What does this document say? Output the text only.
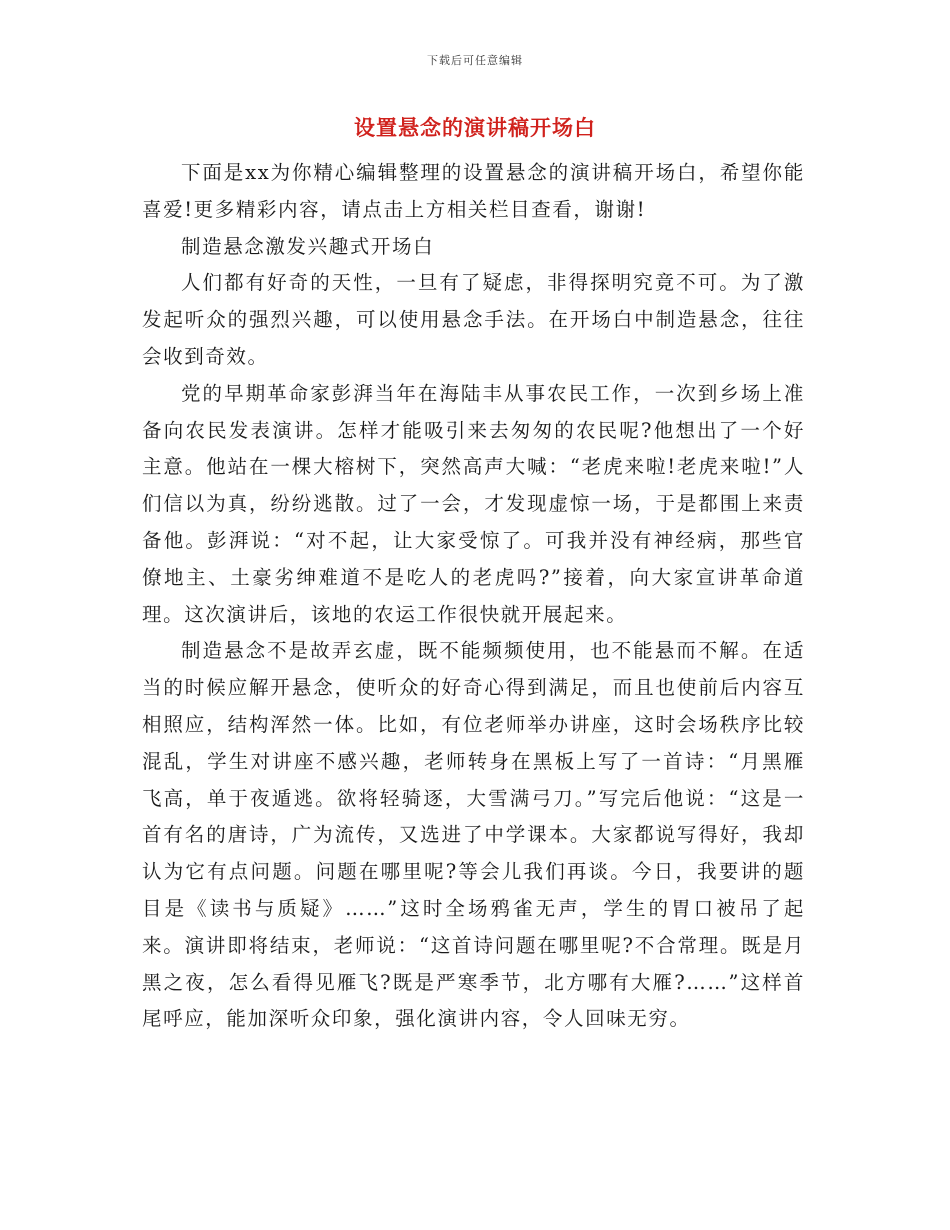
下载后可任意编辑
设置悬念的演讲稿开场白

下面是xx为你精心编辑整理的设置悬念的演讲稿开场白，希望你能喜爱!更多精彩内容，请点击上方相关栏目查看，谢谢!

制造悬念激发兴趣式开场白

人们都有好奇的天性，一旦有了疑虑，非得探明究竟不可。为了激发起听众的强烈兴趣，可以使用悬念手法。在开场白中制造悬念，往往会收到奇效。

党的早期革命家彭湃当年在海陆丰从事农民工作，一次到乡场上准备向农民发表演讲。怎样才能吸引来去匆匆的农民呢?他想出了一个好主意。他站在一棵大榕树下，突然高声大喊：“老虎来啦!老虎来啦!”人们信以为真，纷纷逃散。过了一会，才发现虚惊一场，于是都围上来责备他。彭湃说：“对不起，让大家受惊了。可我并没有神经病，那些官僚地主、土豪劣绅难道不是吃人的老虎吗?”接着，向大家宣讲革命道理。这次演讲后，该地的农运工作很快就开展起来。

制造悬念不是故弄玄虚，既不能频频使用，也不能悬而不解。在适当的时候应解开悬念，使听众的好奇心得到满足，而且也使前后内容互相照应，结构浑然一体。比如，有位老师举办讲座，这时会场秩序比较混乱，学生对讲座不感兴趣，老师转身在黑板上写了一首诗：“月黑雁飞高，单于夜遁逃。欲将轻骑逐，大雪满弓刀。”写完后他说：“这是一首有名的唐诗，广为流传，又选进了中学课本。大家都说写得好，我却认为它有点问题。问题在哪里呢?等会儿我们再谈。今日，我要讲的题目是《读书与质疑》……”这时全场鸦雀无声，学生的胃口被吊了起来。演讲即将结束，老师说：“这首诗问题在哪里呢?不合常理。既是月黑之夜，怎么看得见雁飞?既是严寒季节，北方哪有大雁?……”这样首尾呼应，能加深听众印象，强化演讲内容，令人回味无穷。
